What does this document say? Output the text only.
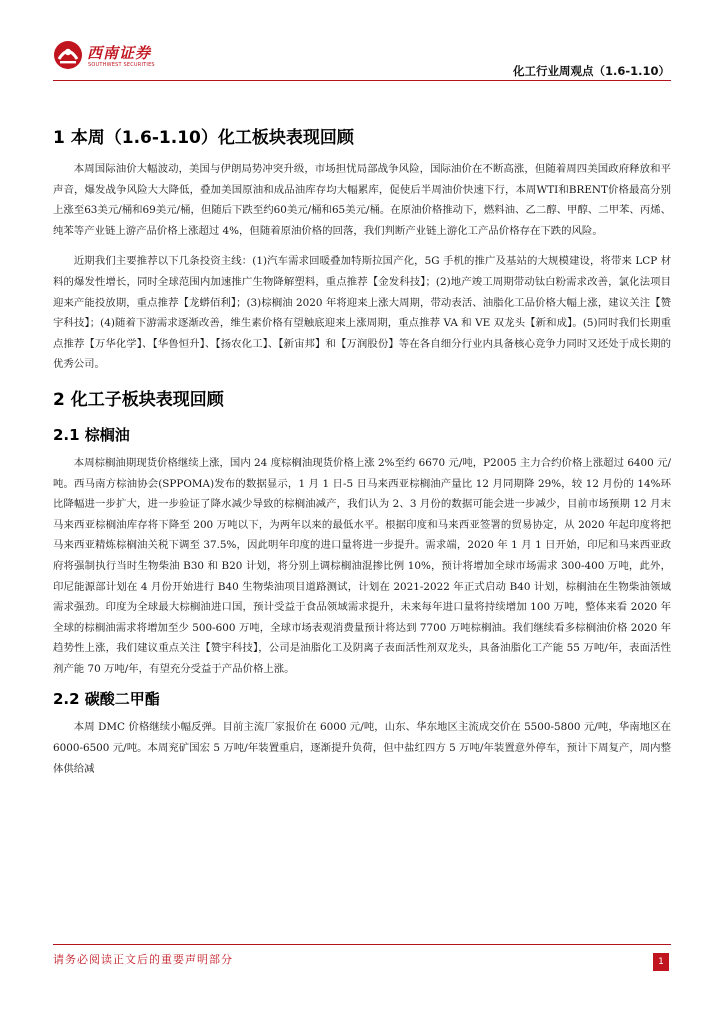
西南证券
SOUTHWEST SECURITIES	化工行业周观点（1.6-1.10）
1 本周（1.6-1.10）化工板块表现回顾

本周国际油价大幅波动，美国与伊朗局势冲突升级，市场担忧局部战争风险，国际油价在不断高涨，但随着周四美国政府释放和平声音，爆发战争风险大大降低，叠加美国原油和成品油库存均大幅累库，促使后半周油价快速下行，本周WTI和BRENT价格最高分别上涨至63美元/桶和69美元/桶，但随后下跌至约60美元/桶和65美元/桶。在原油价格推动下，燃料油、乙二醇、甲醇、二甲苯、丙烯、纯苯等产业链上游产品价格上涨超过 4%，但随着原油价格的回落，我们判断产业链上游化工产品价格存在下跌的风险。

近期我们主要推荐以下几条投资主线：(1)汽车需求回暖叠加特斯拉国产化，5G 手机的推广及基站的大规模建设，将带来 LCP 材料的爆发性增长，同时全球范围内加速推广生物降解塑料，重点推荐【金发科技】；(2)地产竣工周期带动钛白粉需求改善，氯化法项目迎来产能投放期，重点推荐【龙蟒佰利】；(3)棕榈油 2020 年将迎来上涨大周期，带动表活、油脂化工品价格大幅上涨，建议关注【赞宇科技】；(4)随着下游需求逐渐改善，维生素价格有望触底迎来上涨周期，重点推荐 VA 和 VE 双龙头【新和成】。(5)同时我们长期重点推荐【万华化学】、【华鲁恒升】、【扬农化工】、【新宙邦】和【万润股份】等在各自细分行业内具备核心竞争力同时又还处于成长期的优秀公司。

2 化工子板块表现回顾
2.1 棕榈油

本周棕榈油期现货价格继续上涨，国内 24 度棕榈油现货价格上涨 2%至约 6670 元/吨，P2005 主力合约价格上涨超过 6400 元/吨。西马南方棕油协会(SPPOMA)发布的数据显示，1 月 1 日-5 日马来西亚棕榈油产量比 12 月同期降 29%，较 12 月份的 14%环比降幅进一步扩大，进一步验证了降水减少导致的棕榈油减产，我们认为 2、3 月份的数据可能会进一步减少，目前市场预期 12 月末马来西亚棕榈油库存将下降至 200 万吨以下，为两年以来的最低水平。根据印度和马来西亚签署的贸易协定，从 2020 年起印度将把马来西亚精炼棕榈油关税下调至 37.5%，因此明年印度的进口量将进一步提升。需求端，2020 年 1 月 1 日开始，印尼和马来西亚政府将强制执行当时生物柴油 B30 和 B20 计划，将分别上调棕榈油混掺比例 10%，预计将增加全球市场需求 300-400 万吨，此外，印尼能源部计划在 4 月份开始进行 B40 生物柴油项目道路测试，计划在 2021-2022 年正式启动 B40 计划，棕榈油在生物柴油领域需求强劲。印度为全球最大棕榈油进口国，预计受益于食品领域需求提升，未来每年进口量将持续增加 100 万吨，整体来看 2020 年全球的棕榈油需求将增加至少 500-600 万吨，全球市场表观消费量预计将达到 7700 万吨棕榈油。我们继续看多棕榈油价格 2020 年趋势性上涨，我们建议重点关注【赞宇科技】，公司是油脂化工及阴离子表面活性剂双龙头，具备油脂化工产能 55 万吨/年，表面活性剂产能 70 万吨/年，有望充分受益于产品价格上涨。

2.2 碳酸二甲酯

本周 DMC 价格继续小幅反弹。目前主流厂家报价在 6000 元/吨，山东、华东地区主流成交价在 5500-5800 元/吨，华南地区在 6000-6500 元/吨。本周兖矿国宏 5 万吨/年装置重启，逐渐提升负荷，但中盐红四方 5 万吨/年装置意外停车，预计下周复产，周内整体供给减

请务必阅读正文后的重要声明部分	1
